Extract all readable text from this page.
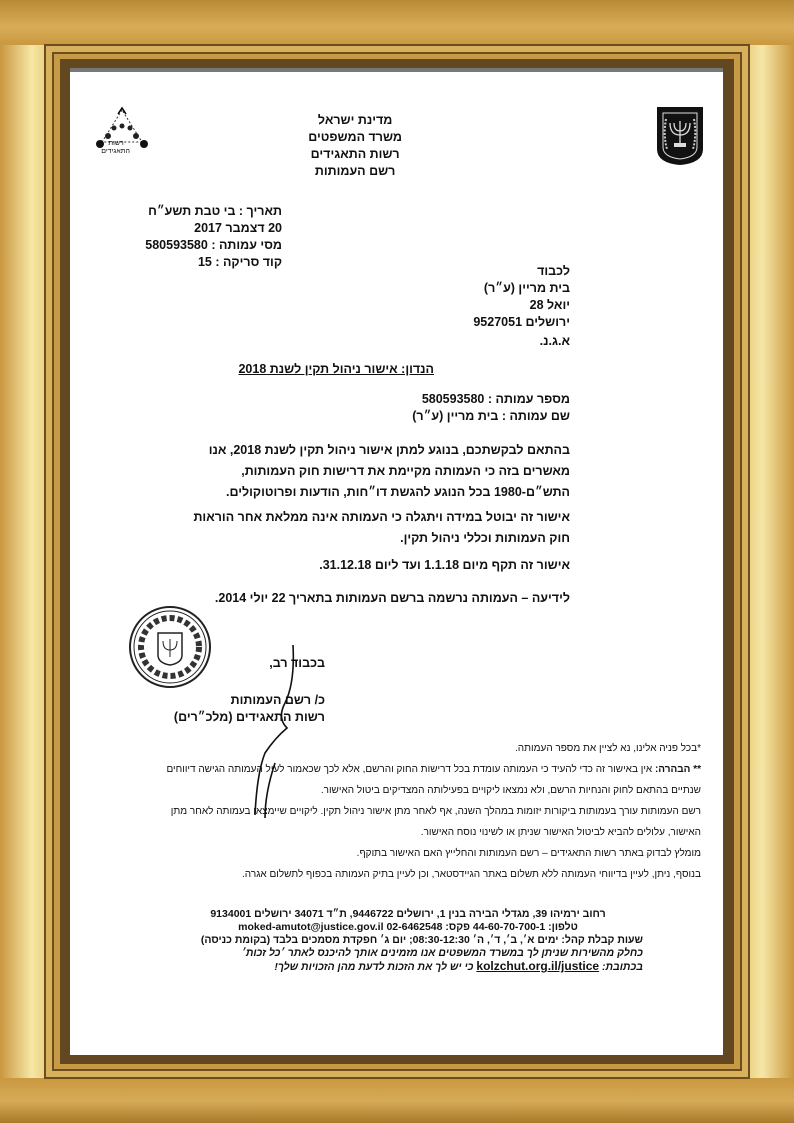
רשות
התאגידים
מדינת ישראל
משרד המשפטים
רשות התאגידים
רשם העמותות
תאריך : בי טבת תשע״ח
20 דצמבר 2017
מסי עמותה : 580593580
קוד סריקה : 15
לכבוד
בית מריין (ע״ר)
יואל 28
ירושלים 9527051
א.ג.נ.
הנדון: אישור ניהול תקין לשנת 2018
מספר עמותה : 580593580
שם עמותה : בית מריין (ע״ר)
בהתאם לבקשתכם, בנוגע למתן אישור ניהול תקין לשנת 2018, אנו מאשרים בזה כי העמותה מקיימת את דרישות חוק העמותות, התש״ם-1980 בכל הנוגע להגשת דו״חות, הודעות ופרוטוקולים.
אישור זה יבוטל במידה ויתגלה כי העמותה אינה ממלאת אחר הוראות חוק העמותות וכללי ניהול תקין.
אישור זה תקף מיום 1.1.18 ועד ליום 31.12.18.
לידיעה – העמותה נרשמה ברשם העמותות בתאריך 22 יולי 2014.
בכבוד רב,
כ/ רשם העמותות
רשות התאגידים (מלכ״רים)
*בכל פניה אלינו, נא לציין את מספר העמותה.
** הבהרה: אין באישור זה כדי להעיד כי העמותה עומדת בכל דרישות החוק והרשם, אלא לכך שכאמור לעיל העמותה הגישה דיווחים שנתיים בהתאם לחוק והנחיות הרשם, ולא נמצאו ליקויים בפעילותה המצדיקים ביטול האישור.
רשם העמותות עורך בעמותות ביקורות יזומות במהלך השנה, אף לאחר מתן אישור ניהול תקין. ליקויים שיימצאו בעמותה לאחר מתן האישור, עלולים להביא לביטול האישור שניתן או לשינוי נוסח האישור.
מומלץ לבדוק באתר רשות התאגידים – רשם העמותות והחלייץ האם האישור בתוקף.
בנוסף, ניתן, לעיין בדיווחי העמותה ללא תשלום באתר הגיידסטאר, וכן לעיין בתיק העמותה בכפוף לתשלום אגרה.
רחוב ירמיהו 39, מגדלי הבירה בנין 1, ירושלים 9446722, ת״ד 34071 ירושלים 9134001
טלפון: 44-60-70-700-1 פקס: 02-6462548 moked-amutot@justice.gov.il
שעות קבלת קהל: ימים א׳, ב׳, ד׳, ה׳ 08:30-12:30; יום ג׳ חפקדת מסמכים בלבד (בקומת כניסה)
כחלק מהשירות שניתן לך במשרד המשפטים אנו מזמינים אותך להיכנס לאתר ׳כל זכות׳
בכתובת: kolzchut.org.il/justice כי יש לך את הזכות לדעת מהן הזכויות שלך!
